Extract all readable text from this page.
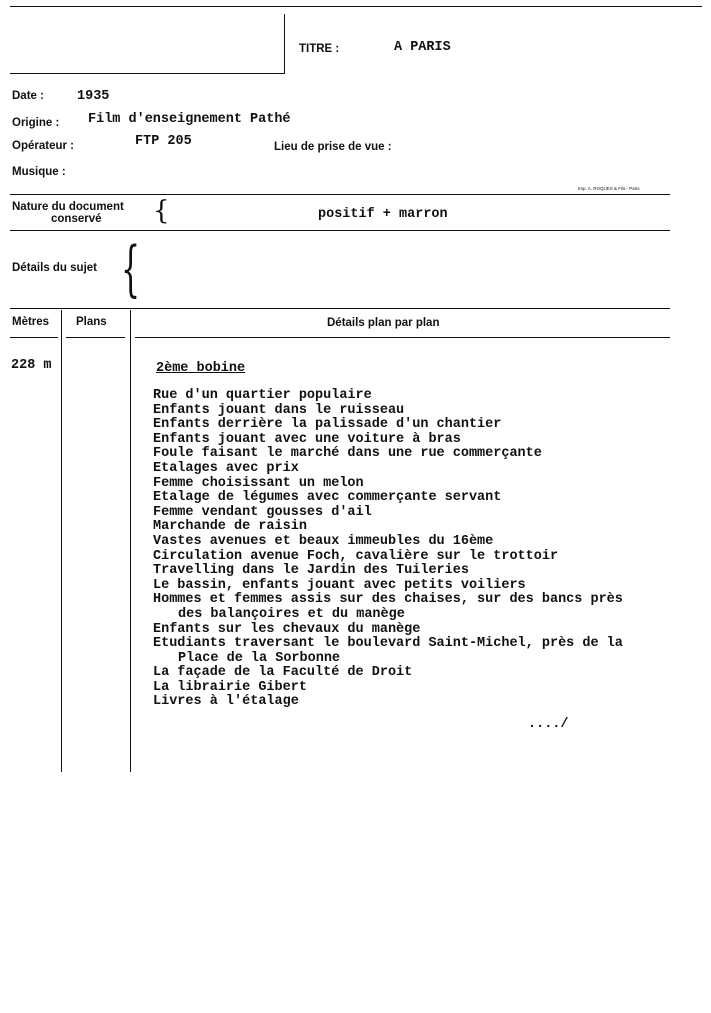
TITRE :	A PARIS
Date : 1935
Origine : Film d'enseignement Pathé
Opérateur :	FTP 205	Lieu de prise de vue :
Musique :
Imp. A. ROQUES & Fils - Paris
Nature du document
conservé {	positif + marron
Détails du sujet {
Mètres Plans	Détails plan par plan
228 m	2ème bobine
Rue d'un quartier populaire
Enfants jouant dans le ruisseau
Enfants derrière la palissade d'un chantier
Enfants jouant avec une voiture à bras
Foule faisant le marché dans une rue commerçante
Etalages avec prix
Femme choisissant un melon
Etalage de légumes avec commerçante servant
Femme vendant gousses d'ail
Marchande de raisin
Vastes avenues et beaux immeubles du 16ème
Circulation avenue Foch, cavalière sur le trottoir
Travelling dans le Jardin des Tuileries
Le bassin, enfants jouant avec petits voiliers
Hommes et femmes assis sur des chaises, sur des bancs près
des balançoires et du manège
Enfants sur les chevaux du manège
Etudiants traversant le boulevard Saint-Michel, près de la
Place de la Sorbonne
La façade de la Faculté de Droit
La librairie Gibert
Livres à l'étalage
..../
